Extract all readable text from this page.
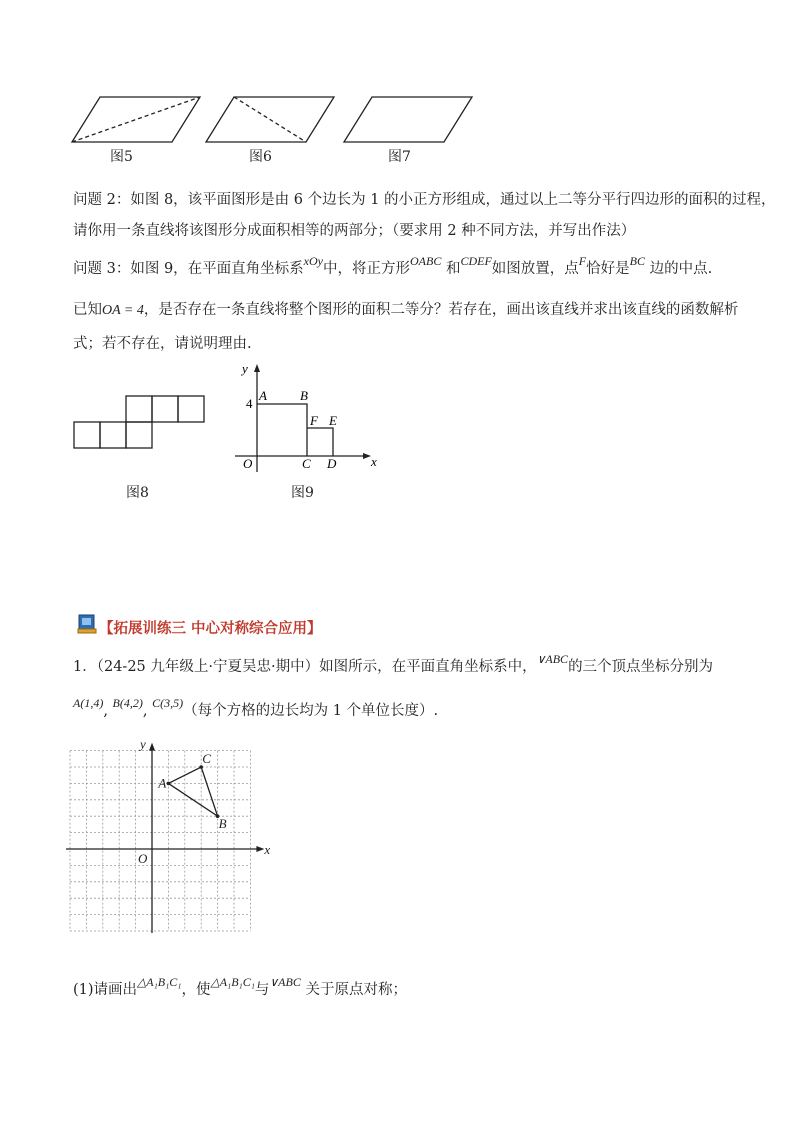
图5	图6	图7
问题 2：如图 8，该平面图形是由 6 个边长为 1 的小正方形组成，通过以上二等分平行四边形的面积的过程，
请你用一条直线将该图形分成面积相等的两部分；（要求用 2 种不同方法，并写出作法）
问题 3：如图 9，在平面直角坐标系$^{xOy}$中，将正方形$^{OABC}$ 和$^{CDEF}$如图放置，点$^F$恰好是$^{BC}$ 边的中点.
已知OA = 4，是否存在一条直线将整个图形的面积二等分？若存在，画出该直线并求出该直线的函数解析
式；若不存在，请说明理由.
图8
y
4
A	B
F E
O	C D	x
图9
【拓展训练三 中心对称综合应用】
1．（24-25 九年级上·宁夏吴忠·期中）如图所示，在平面直角坐标系中，$^{\vee ABC}$的三个顶点坐标分别为
$^{A(1,4)}$, $^{B(4,2)}$, $^{C(3,5)}$（每个方格的边长均为 1 个单位长度）.
A
B
C
O
x
y
(1)请画出$^{\triangle A_1B_1C_1}$，使$^{\triangle A_1B_1C_1}$与$^{\vee ABC}$ 关于原点对称；
